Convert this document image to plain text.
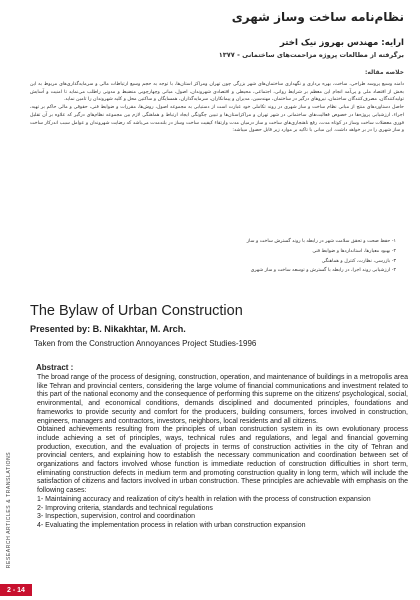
نظام‌نامه ساخت وساز شهری
ارایه: مهندس بهروز نیک اختر
برگرفته از مطالعات پروژه مزاحمت‌های ساختمانی - ۱۳۷۷
خلاصه مقاله:

دامنه وسیع پروسه طراحی، ساخت، بهره برداری و نگهداری ساختمان‌های شهر بزرگی چون تهران ومراکز استان‌ها، با توجه به حجم وسیع ارتباطات مالی و سرمایه‌گذاری‌های مربوط به این بخش از اقتصاد ملی و پی‌آمد انجام این معظم بر شرایط روانی، اجتماعی، محیطی و اقتصادی شهروندان، اصول، مبانی وچهارچوبی منضبط و مدونی راطلب می‌نماید تا امنیت و آسایش تولیدکنندگان، مصرف‌کنندگان ساختمان، نیروهای درگیر در ساختمان، مهندسین، مدیران و پیمانکاران، سرمایه‌گذاران، همسایگان و ساکنین محل و کلیه شهروندان را تامین نماید.

حاصل دستاوردهای منتج از مبانی نظام ساخت و ساز شهری در روند تکاملی خود عبارت است از دستیابی به مجموعه اصول، روش‌ها، مقررات و ضوابط فنی، حقوقی و مالی حاکم بر تهیه، اجراء، ارزشیابی پروژه‌ها در خصوص فعالیت‌های ساختمانی در شهر تهران و مراکزاستان‌ها و تبیین چگونگی ایجاد ارتباط و هماهنگی لازم بین مجموعه نظام‌های درگیر که علاوه بر آن تقلیل فوری معضلات ساخت وساز در کوتاه مدت، رفع ناهنجاری‌های ساخت و ساز درمیان مدت وارتقاء کیفیت ساخت وساز در بلندمدت می‌باشد که رضایت شهروندان و عوامل سبب اندرکار ساخت و ساز شهری را در بر خواهد داشت. این مبانی با تاکید بر موارد زیر قابل حصول میباشد:

۱- حفظ صحت و تحقق سلامت شهر در رابطه با روند گسترش ساخت و ساز
۲- بهبود معیارها، استانداردها و ضوابط فنی
۳- بازرسی، نظارت، کنترل و هماهنگی
۴- ارزشیابی روند اجرا، در رابطه با گسترش و توسعه ساخت و ساز شهری
The Bylaw of Urban Construction
Presented by: B. Nikakhtar, M. Arch.
Taken from the Construction Annoyances Project Studies-1996
Abstract :

The broad range of the process of designing, construction, operation, and maintenance of buildings in a metropolis area like Tehran and provincial centers, considering the large volume of financial communications and investment related to this part of the national economy and the consequence of performing this supreme on the citizens' psychological, social, environmental, and economical conditions, demands disciplined and documented principles, foundations and frameworks to provide security and comfort for the producers, building consumers, forces involved in construction, engineers, managers and contractors, investors, neighbors, local residents and all citizens.

Obtained achievements resulting from the principles of urban construction system in its own evolutionary process include achieving a set of principles, ways, technical rules and regulations, and legal and financial governing production, execution, and the evaluation of projects in terms of construction activities in the city of Tehran and provincial centers, and explaining how to establish the necessary communication and coordination between set of organizations and factors involved whose function is immediate reduction of construction difficulties in short term, eliminating construction defects in medium term and promoting construction quality in long term, which will include the satisfaction of citizens and factors involved in urban construction. These principles are achievable with emphasis on the following cases:

1- Maintaining accuracy and realization of city's health in relation with the process of construction expansion
2- Improving criteria, standards and technical regulations
3- Inspection, supervision, control and coordination
4- Evaluating the implementation process in relation with urban construction expansion
RESEARCH ARTICLES & TRANSLATIONS
2 - 14
